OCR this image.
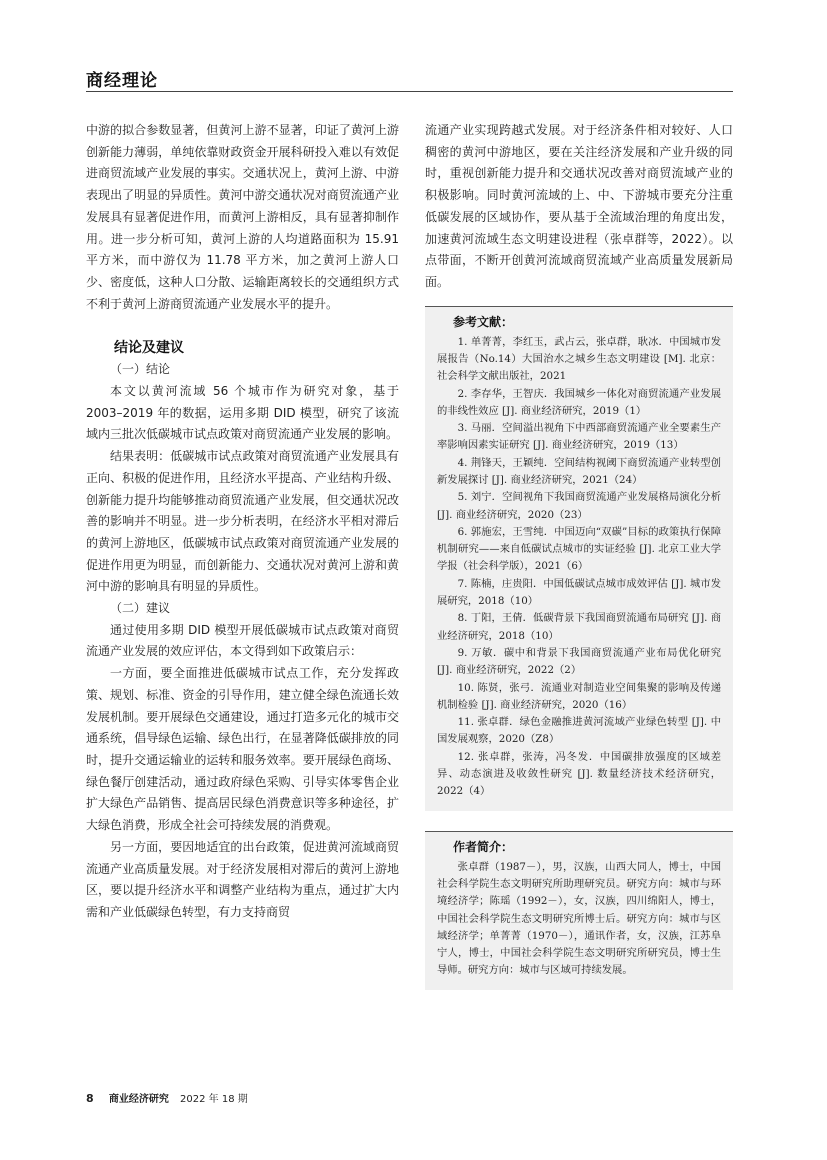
商经理论

中游的拟合参数显著，但黄河上游不显著，印证了黄河上游创新能力薄弱，单纯依靠财政资金开展科研投入难以有效促进商贸流域产业发展的事实。交通状况上，黄河上游、中游表现出了明显的异质性。黄河中游交通状况对商贸流通产业发展具有显著促进作用，而黄河上游相反，具有显著抑制作用。进一步分析可知，黄河上游的人均道路面积为 15.91 平方米，而中游仅为 11.78 平方米，加之黄河上游人口少、密度低，这种人口分散、运输距离较长的交通组织方式不利于黄河上游商贸流通产业发展水平的提升。

结论及建议

（一）结论

本文以黄河流域 56 个城市作为研究对象，基于 2003–2019 年的数据，运用多期 DID 模型，研究了该流域内三批次低碳城市试点政策对商贸流通产业发展的影响。

结果表明：低碳城市试点政策对商贸流通产业发展具有正向、积极的促进作用，且经济水平提高、产业结构升级、创新能力提升均能够推动商贸流通产业发展，但交通状况改善的影响并不明显。进一步分析表明，在经济水平相对滞后的黄河上游地区，低碳城市试点政策对商贸流通产业发展的促进作用更为明显，而创新能力、交通状况对黄河上游和黄河中游的影响具有明显的异质性。

（二）建议

通过使用多期 DID 模型开展低碳城市试点政策对商贸流通产业发展的效应评估，本文得到如下政策启示：

一方面，要全面推进低碳城市试点工作，充分发挥政策、规划、标准、资金的引导作用，建立健全绿色流通长效发展机制。要开展绿色交通建设，通过打造多元化的城市交通系统，倡导绿色运输、绿色出行，在显著降低碳排放的同时，提升交通运输业的运转和服务效率。要开展绿色商场、绿色餐厅创建活动，通过政府绿色采购、引导实体零售企业扩大绿色产品销售、提高居民绿色消费意识等多种途径，扩大绿色消费，形成全社会可持续发展的消费观。

另一方面，要因地适宜的出台政策，促进黄河流域商贸流通产业高质量发展。对于经济发展相对滞后的黄河上游地区，要以提升经济水平和调整产业结构为重点，通过扩大内需和产业低碳绿色转型，有力支持商贸

流通产业实现跨越式发展。对于经济条件相对较好、人口稠密的黄河中游地区，要在关注经济发展和产业升级的同时，重视创新能力提升和交通状况改善对商贸流域产业的积极影响。同时黄河流域的上、中、下游城市要充分注重低碳发展的区域协作，要从基于全流域治理的角度出发，加速黄河流域生态文明建设进程（张卓群等，2022）。以点带面，不断开创黄河流域商贸流域产业高质量发展新局面。

参考文献：

1. 单菁菁，李红玉，武占云，张卓群，耿冰．中国城市发展报告（No.14）大国治水之城乡生态文明建设 [M]. 北京：社会科学文献出版社，2021

2. 李存华，王智庆．我国城乡一体化对商贸流通产业发展的非线性效应 [J]. 商业经济研究，2019（1）

3. 马丽．空间溢出视角下中西部商贸流通产业全要素生产率影响因素实证研究 [J]. 商业经济研究，2019（13）

4. 荆锋天，王颖纯．空间结构视阈下商贸流通产业转型创新发展探讨 [J]. 商业经济研究，2021（24）

5. 刘宁．空间视角下我国商贸流通产业发展格局演化分析 [J]. 商业经济研究，2020（23）

6. 郭施宏，王雪纯．中国迈向“双碳”目标的政策执行保障机制研究——来自低碳试点城市的实证经验 [J]. 北京工业大学学报（社会科学版），2021（6）

7. 陈楠，庄贵阳．中国低碳试点城市成效评估 [J]. 城市发展研究，2018（10）

8. 丁阳，王倩．低碳背景下我国商贸流通布局研究 [J]. 商业经济研究，2018（10）

9. 万敏．碳中和背景下我国商贸流通产业布局优化研究 [J]. 商业经济研究，2022（2）

10. 陈贤，张弓．流通业对制造业空间集聚的影响及传递机制检验 [J]. 商业经济研究，2020（16）

11. 张卓群．绿色金融推进黄河流域产业绿色转型 [J]. 中国发展观察，2020（Z8）

12. 张卓群，张涛，冯冬发．中国碳排放强度的区域差异、动态演进及收敛性研究 [J]. 数量经济技术经济研究，2022（4）

作者简介：

张卓群（1987－），男，汉族，山西大同人，博士，中国社会科学院生态文明研究所助理研究员。研究方向：城市与环境经济学；陈瑶（1992－），女，汉族，四川绵阳人，博士，中国社会科学院生态文明研究所博士后。研究方向：城市与区域经济学；单菁菁（1970－），通讯作者，女，汉族，江苏阜宁人，博士，中国社会科学院生态文明研究所研究员，博士生导师。研究方向：城市与区域可持续发展。

8 商业经济研究 2022 年 18 期
